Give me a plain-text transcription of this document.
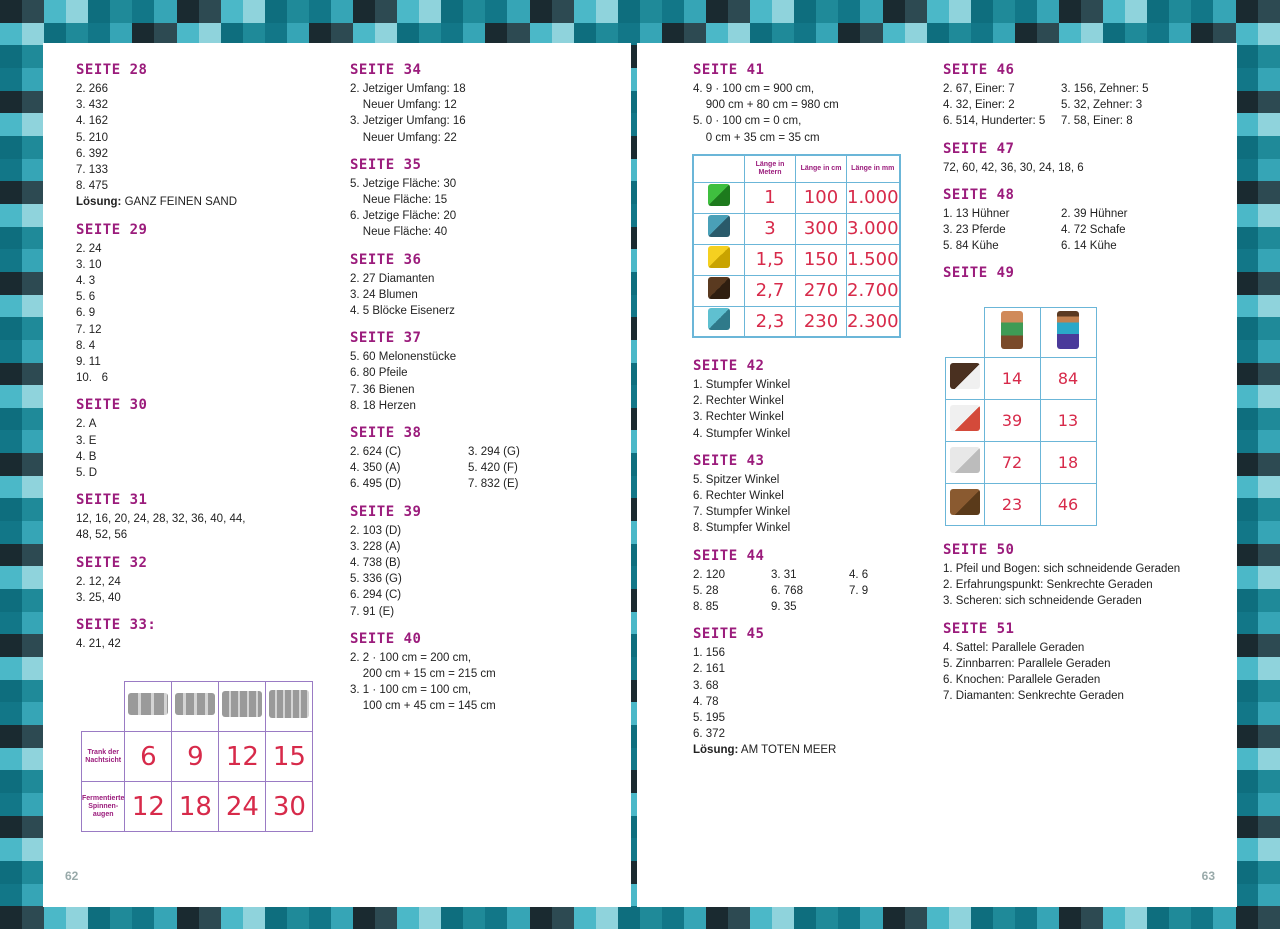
SEITE 28
2.	266
3.	432
4.	162
5.	210
6.	392
7.	133
8.	475
Lösung: GANZ FEINEN SAND
SEITE 29
2.	24
3.	10
4.	3
5.	6
6.	9
7.	12
8.	4
9.	11
10.	6
SEITE 30
2.	A
3.	E
4.	B
5.	D
SEITE 31
12, 16, 20, 24, 28, 32, 36, 40, 44,
48, 52, 56
SEITE 32
2.	12, 24
3.	25, 40
SEITE 33:
4.	21, 42
SEITE 34
2.	Jetziger Umfang: 18
	Neuer Umfang: 12
3.	Jetziger Umfang: 16
	Neuer Umfang: 22
SEITE 35
5.	Jetzige Fläche: 30
	Neue Fläche: 15
6.	Jetzige Fläche: 20
	Neue Fläche: 40
SEITE 36
2.	27 Diamanten
3.	24 Blumen
4.	5 Blöcke Eisenerz
SEITE 37
5.	60 Melonenstücke
6.	80 Pfeile
7.	36 Bienen
8.	18 Herzen
SEITE 38
2.	624 (C)	3.	294 (G)
4.	350 (A)	5.	420 (F)
6.	495 (D)	7.	832 (E)
SEITE 39
2.	103 (D)
3.	228 (A)
4.	738 (B)
5.	336 (G)
6.	294 (C)
7.	91 (E)
SEITE 40
2.	2 · 100 cm = 200 cm,
	200 cm + 15 cm = 215 cm
3.	1 · 100 cm = 100 cm,
	100 cm + 45 cm = 145 cm

Trank der Nachtsicht	6	9	12	15
Fermentierte Spinnen-augen	12	18	24	30
62
SEITE 41
4.	9 · 100 cm = 900 cm,
	900 cm + 80 cm = 980 cm
5.	0 · 100 cm = 0 cm,
	0 cm + 35 cm = 35 cm
SEITE 46
2.	67, Einer: 7	3.	156, Zehner: 5
4.	32, Einer: 2	5.	32, Zehner: 3
6.	514, Hunderter: 5	7.	58, Einer: 8
SEITE 47
72, 60, 42, 36, 30, 24, 18, 6
SEITE 48
1.	13 Hühner	2.	39 Hühner
3.	23 Pferde	4.	72 Schafe
5.	84 Kühe	6.	14 Kühe
SEITE 49
	Länge in Metern	Länge in cm	Länge in mm
	1	100	1.000
	3	300	3.000
	1,5	150	1.500
	2,7	270	2.700
	2,3	230	2.300
SEITE 42
1.	Stumpfer Winkel
2.	Rechter Winkel
3.	Rechter Winkel
4.	Stumpfer Winkel
SEITE 43
5.	Spitzer Winkel
6.	Rechter Winkel
7.	Stumpfer Winkel
8.	Stumpfer Winkel
SEITE 44
2.	120	3.	31	4.	6
5.	28	6.	768	7.	9
8.	85	9.	35
SEITE 45
1.	156
2.	161
3.	68
4.	78
5.	195
6.	372
Lösung: AM TOTEN MEER

	14	84
	39	13
	72	18
	23	46
SEITE 50
1.	Pfeil und Bogen: sich schneidende Geraden
2.	Erfahrungspunkt: Senkrechte Geraden
3.	Scheren: sich schneidende Geraden
SEITE 51
4.	Sattel: Parallele Geraden
5.	Zinnbarren: Parallele Geraden
6.	Knochen: Parallele Geraden
7.	Diamanten: Senkrechte Geraden
63
